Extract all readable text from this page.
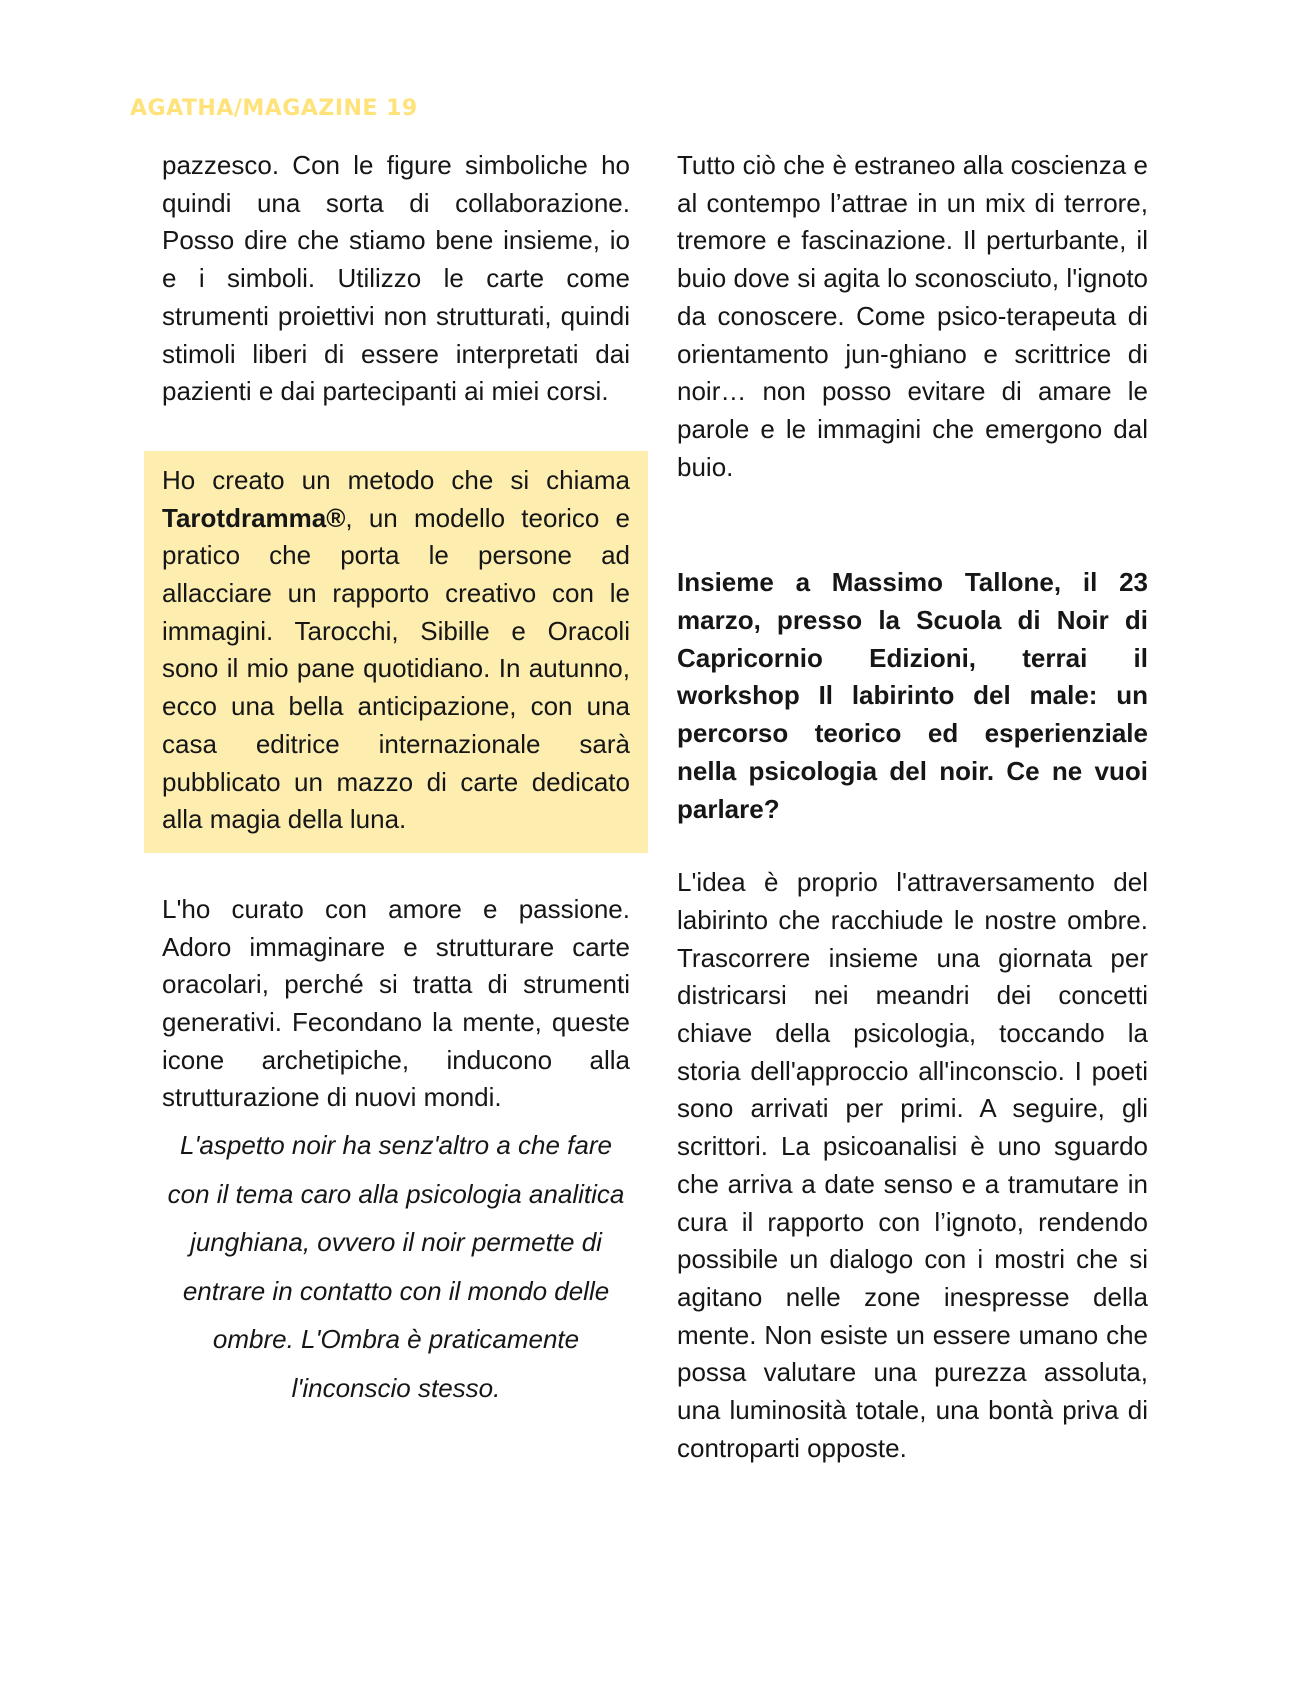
AGATHA/MAGAZINE 19

pazzesco. Con le figure simboliche ho quindi una sorta di collaborazione. Posso dire che stiamo bene insieme, io e i simboli. Utilizzo le carte come strumenti proiettivi non strutturati, quindi stimoli liberi di essere interpretati dai pazienti e dai partecipanti ai miei corsi.

Ho creato un metodo che si chiama Tarotdramma®, un modello teorico e pratico che porta le persone ad allacciare un rapporto creativo con le immagini. Tarocchi, Sibille e Oracoli sono il mio pane quotidiano. In autunno, ecco una bella anticipazione, con una casa editrice internazionale sarà pubblicato un mazzo di carte dedicato alla magia della luna.

L'ho curato con amore e passione. Adoro immaginare e strutturare carte oracolari, perché si tratta di strumenti generativi. Fecondano la mente, queste icone archetipiche, inducono alla strutturazione di nuovi mondi.

L'aspetto noir ha senz'altro a che fare con il tema caro alla psicologia analitica junghiana, ovvero il noir permette di entrare in contatto con il mondo delle ombre. L'Ombra è praticamente l'inconscio stesso.

Tutto ciò che è estraneo alla coscienza e al contempo l’attrae in un mix di terrore, tremore e fascinazione. Il perturbante, il buio dove si agita lo sconosciuto, l'ignoto da conoscere. Come psico-terapeuta di orientamento jun-ghiano e scrittrice di noir… non posso evitare di amare le parole e le immagini che emergono dal buio.

Insieme a Massimo Tallone, il 23 marzo, presso la Scuola di Noir di Capricornio Edizioni, terrai il workshop Il labirinto del male: un percorso teorico ed esperienziale nella psicologia del noir. Ce ne vuoi parlare?

L'idea è proprio l'attraversamento del labirinto che racchiude le nostre ombre. Trascorrere insieme una giornata per districarsi nei meandri dei concetti chiave della psicologia, toccando la storia dell'approccio all'inconscio. I poeti sono arrivati per primi. A seguire, gli scrittori. La psicoanalisi è uno sguardo che arriva a date senso e a tramutare in cura il rapporto con l’ignoto, rendendo possibile un dialogo con i mostri che si agitano nelle zone inespresse della mente. Non esiste un essere umano che possa valutare una purezza assoluta, una luminosità totale, una bontà priva di controparti opposte.
